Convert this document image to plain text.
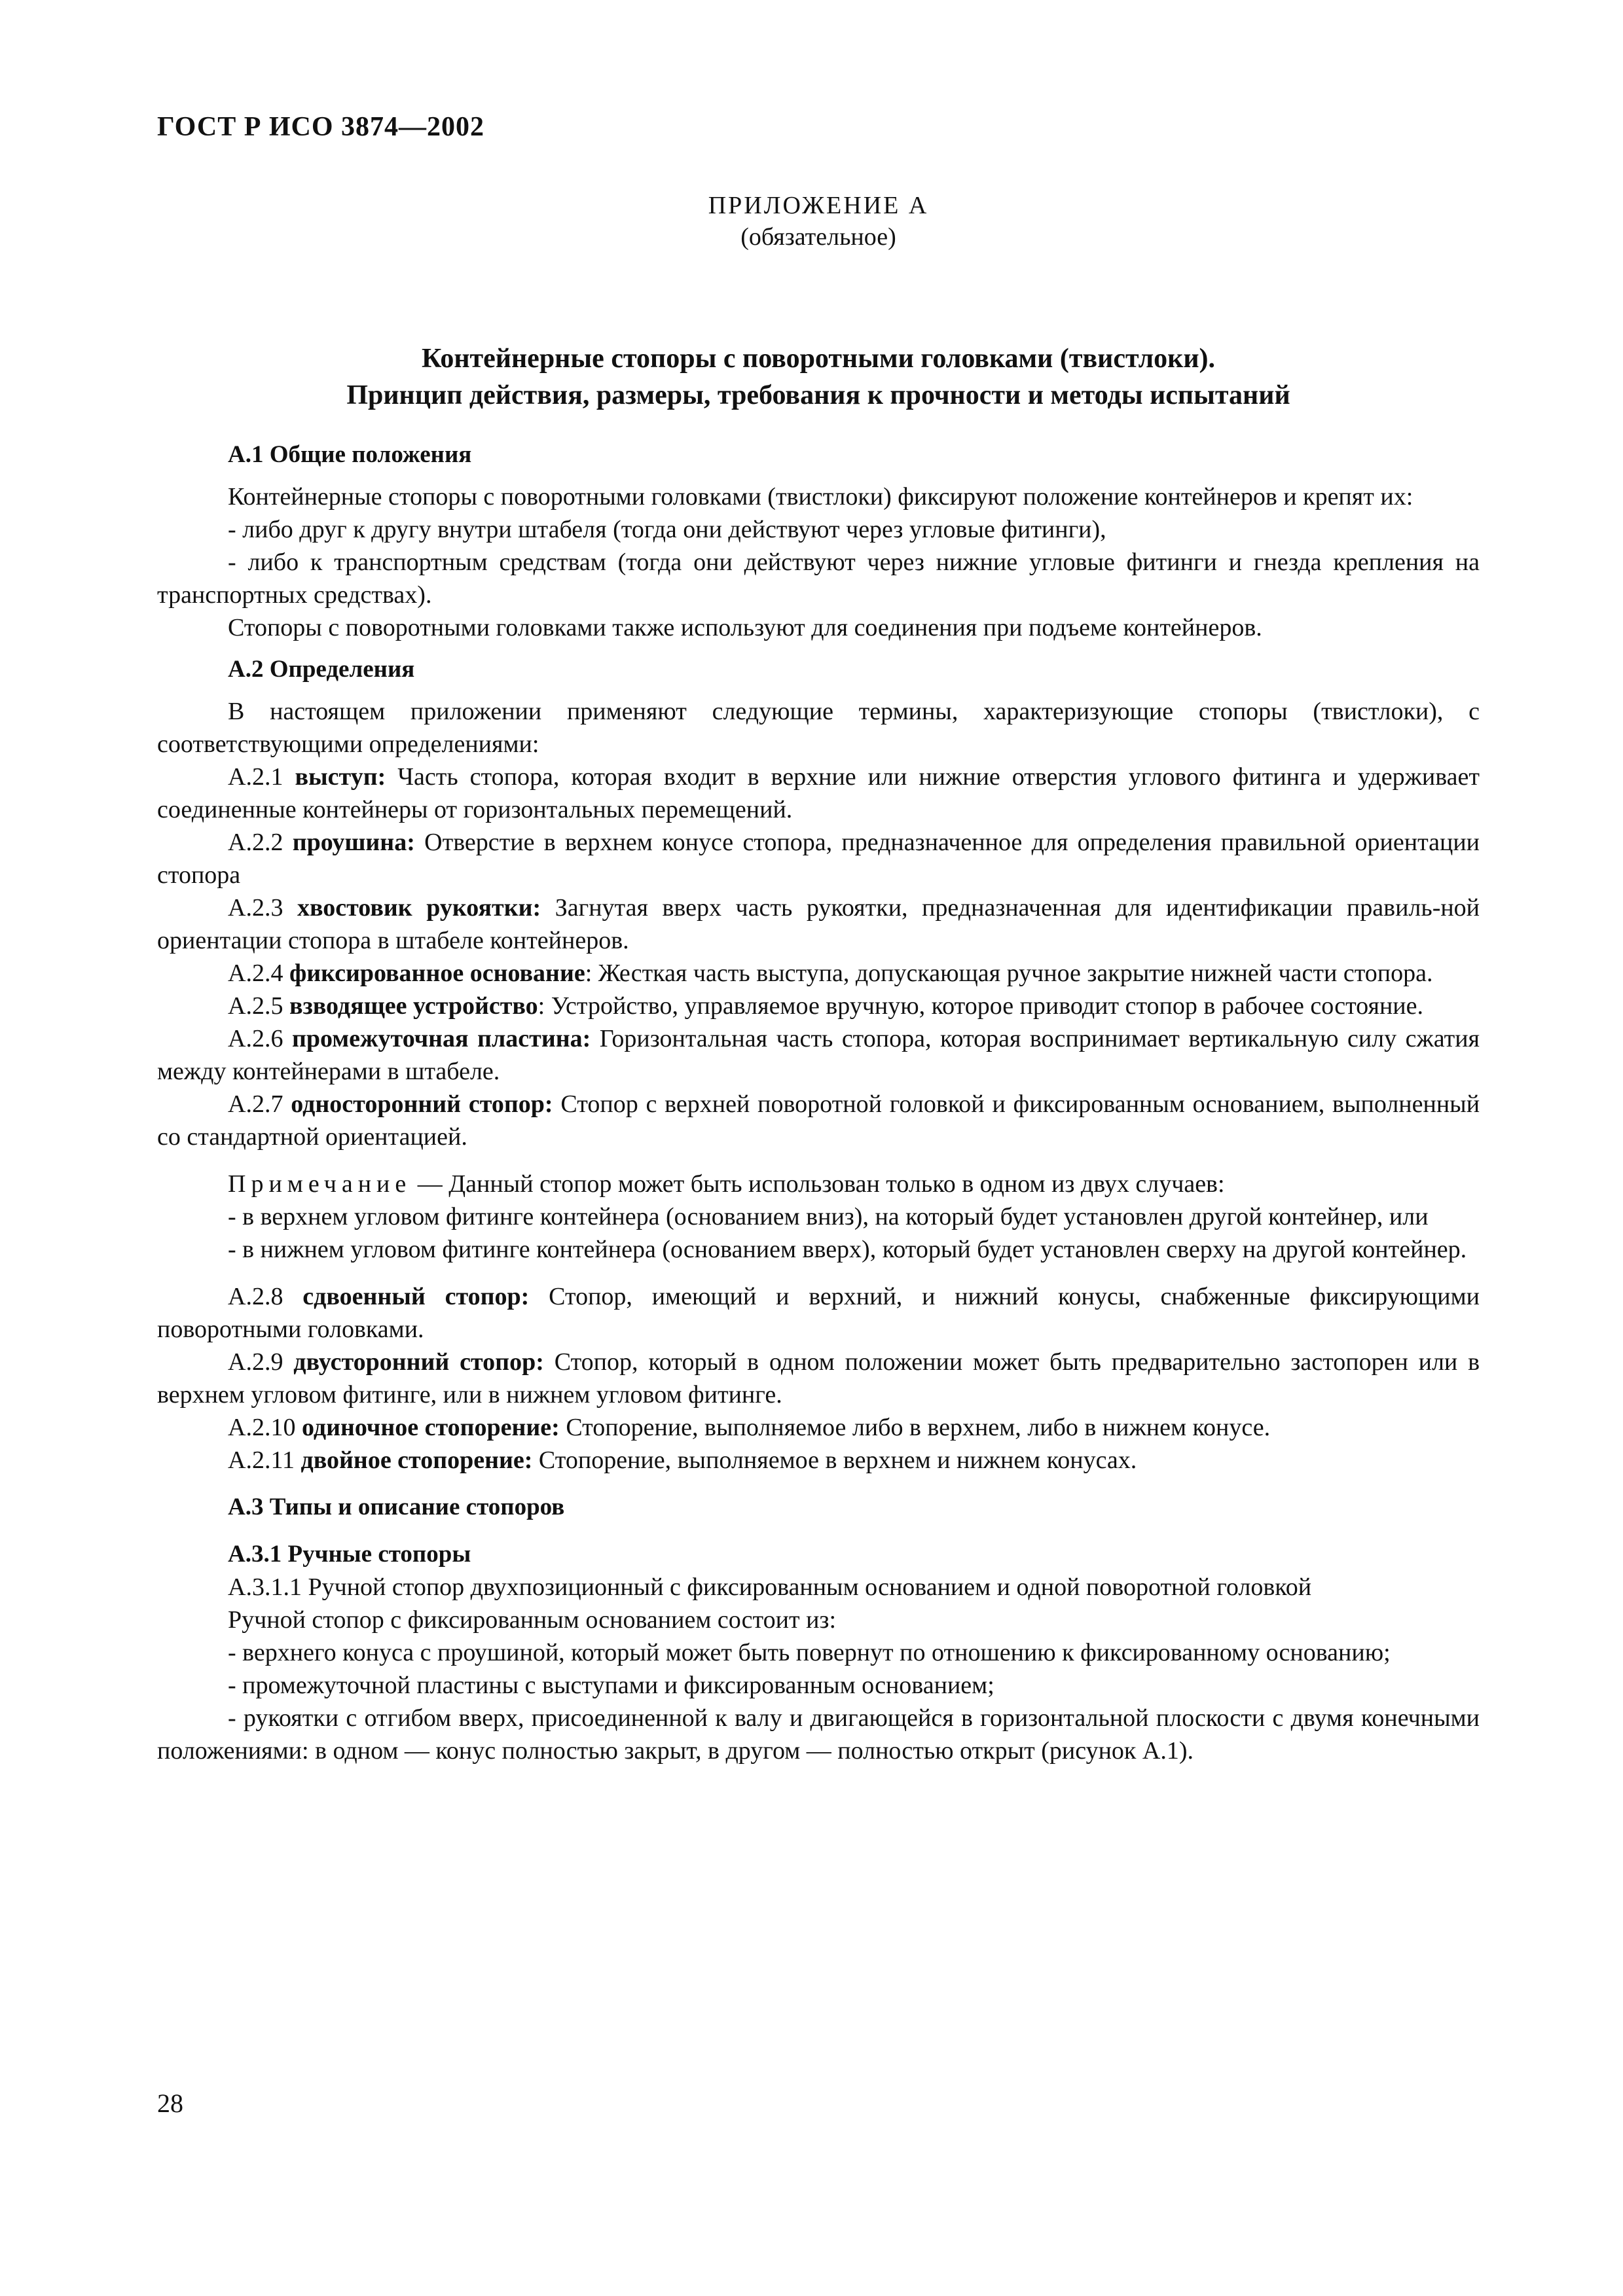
ГОСТ Р ИСО 3874—2002
ПРИЛОЖЕНИЕ А
(обязательное)
Контейнерные стопоры с поворотными головками (твистлоки).
Принцип действия, размеры, требования к прочности и методы испытаний
А.1 Общие положения

Контейнерные стопоры с поворотными головками (твистлоки) фиксируют положение контейнеров и крепят их:

- либо друг к другу внутри штабеля (тогда они действуют через угловые фитинги),

- либо к транспортным средствам (тогда они действуют через нижние угловые фитинги и гнезда крепления на транспортных средствах).

Стопоры с поворотными головками также используют для соединения при подъеме контейнеров.

А.2 Определения

В настоящем приложении применяют следующие термины, характеризующие стопоры (твистлоки), с соответствующими определениями:

А.2.1 выступ: Часть стопора, которая входит в верхние или нижние отверстия углового фитинга и удерживает соединенные контейнеры от горизонтальных перемещений.

А.2.2 проушина: Отверстие в верхнем конусе стопора, предназначенное для определения правильной ориентации стопора

А.2.3 хвостовик рукоятки: Загнутая вверх часть рукоятки, предназначенная для идентификации правиль-ной ориентации стопора в штабеле контейнеров.

А.2.4 фиксированное основание: Жесткая часть выступа, допускающая ручное закрытие нижней части стопора.

А.2.5 взводящее устройство: Устройство, управляемое вручную, которое приводит стопор в рабочее состояние.

А.2.6 промежуточная пластина: Горизонтальная часть стопора, которая воспринимает вертикальную силу сжатия между контейнерами в штабеле.

А.2.7 односторонний стопор: Стопор с верхней поворотной головкой и фиксированным основанием, выполненный со стандартной ориентацией.

Примечание — Данный стопор может быть использован только в одном из двух случаев:

- в верхнем угловом фитинге контейнера (основанием вниз), на который будет установлен другой контейнер, или

- в нижнем угловом фитинге контейнера (основанием вверх), который будет установлен сверху на другой контейнер.

А.2.8 сдвоенный стопор: Стопор, имеющий и верхний, и нижний конусы, снабженные фиксирующими поворотными головками.

А.2.9 двусторонний стопор: Стопор, который в одном положении может быть предварительно застопорен или в верхнем угловом фитинге, или в нижнем угловом фитинге.

А.2.10 одиночное стопорение: Стопорение, выполняемое либо в верхнем, либо в нижнем конусе.

А.2.11 двойное стопорение: Стопорение, выполняемое в верхнем и нижнем конусах.

А.3 Типы и описание стопоров
А.3.1 Ручные стопоры

А.3.1.1 Ручной стопор двухпозиционный с фиксированным основанием и одной поворотной головкой

Ручной стопор с фиксированным основанием состоит из:

- верхнего конуса с проушиной, который может быть повернут по отношению к фиксированному основанию;

- промежуточной пластины с выступами и фиксированным основанием;

- рукоятки с отгибом вверх, присоединенной к валу и двигающейся в горизонтальной плоскости с двумя конечными положениями: в одном — конус полностью закрыт, в другом — полностью открыт (рисунок А.1).

28
